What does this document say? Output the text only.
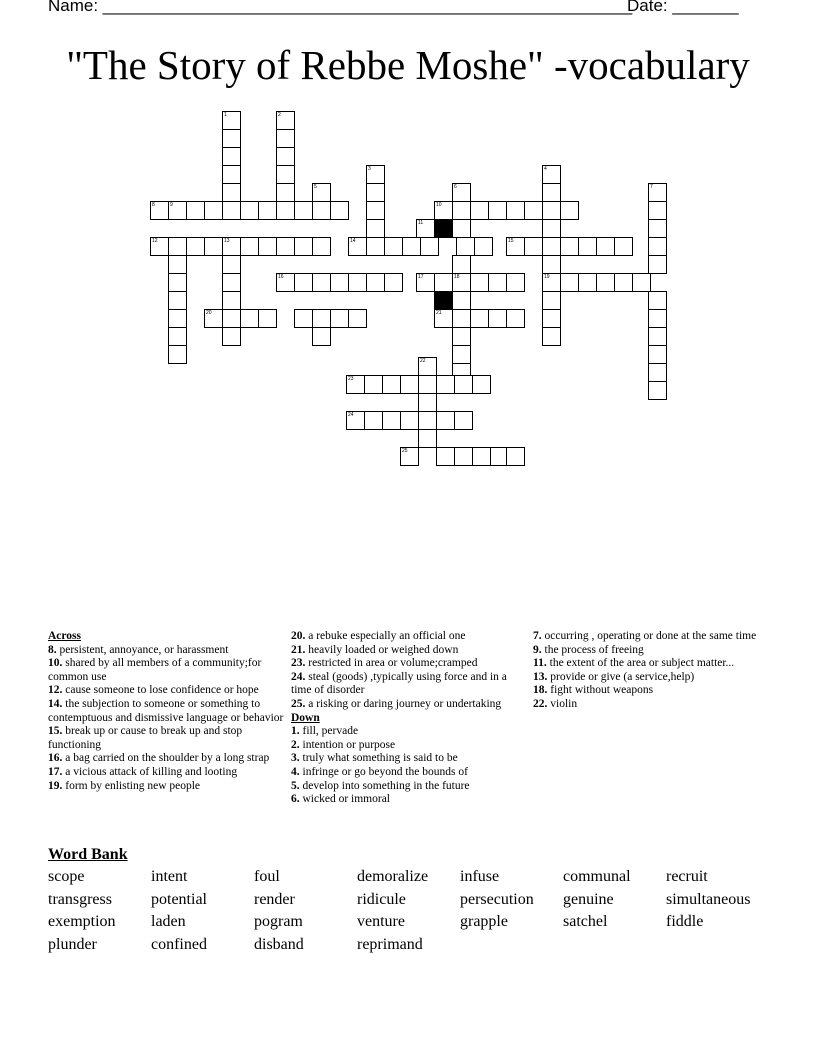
Name: ________________________________________________________
Date: _______
"The Story of Rebbe Moshe" -vocabulary
1
13
2
16
5
3
8	9
12
20
14
10
6
11
17	18
21
15
4
19
7
22
23
24
25
Across
8. persistent, annoyance, or harassment
10. shared by all members of a community;for common use
12. cause someone to lose confidence or hope
14. the subjection to someone or something to contemptuous and dismissive language or behavior
15. break up or cause to break up and stop functioning
16. a bag carried on the shoulder by a long strap
17. a vicious attack of killing and looting
19. form by enlisting new people
20. a rebuke especially an official one
21. heavily loaded or weighed down
23. restricted in area or volume;cramped
24. steal (goods) ,typically using force and in a time of disorder
25. a risking or daring journey or undertaking
Down
1. fill, pervade
2. intention or purpose
3. truly what something is said to be
4. infringe or go beyond the bounds of
5. develop into something in the future
6. wicked or immoral
7. occurring , operating or done at the same time
9. the process of freeing
11. the extent of the area or subject matter...
13. provide or give (a service,help)
18. fight without weapons
22. violin
Word Bank
scope	intent	foul	demoralize infuse	communal recruit
transgress potential	render	ridicule	persecution genuine	simultaneous
exemption laden	pogram	venture	grapple	satchel	fiddle
plunder	confined	disband	reprimand
